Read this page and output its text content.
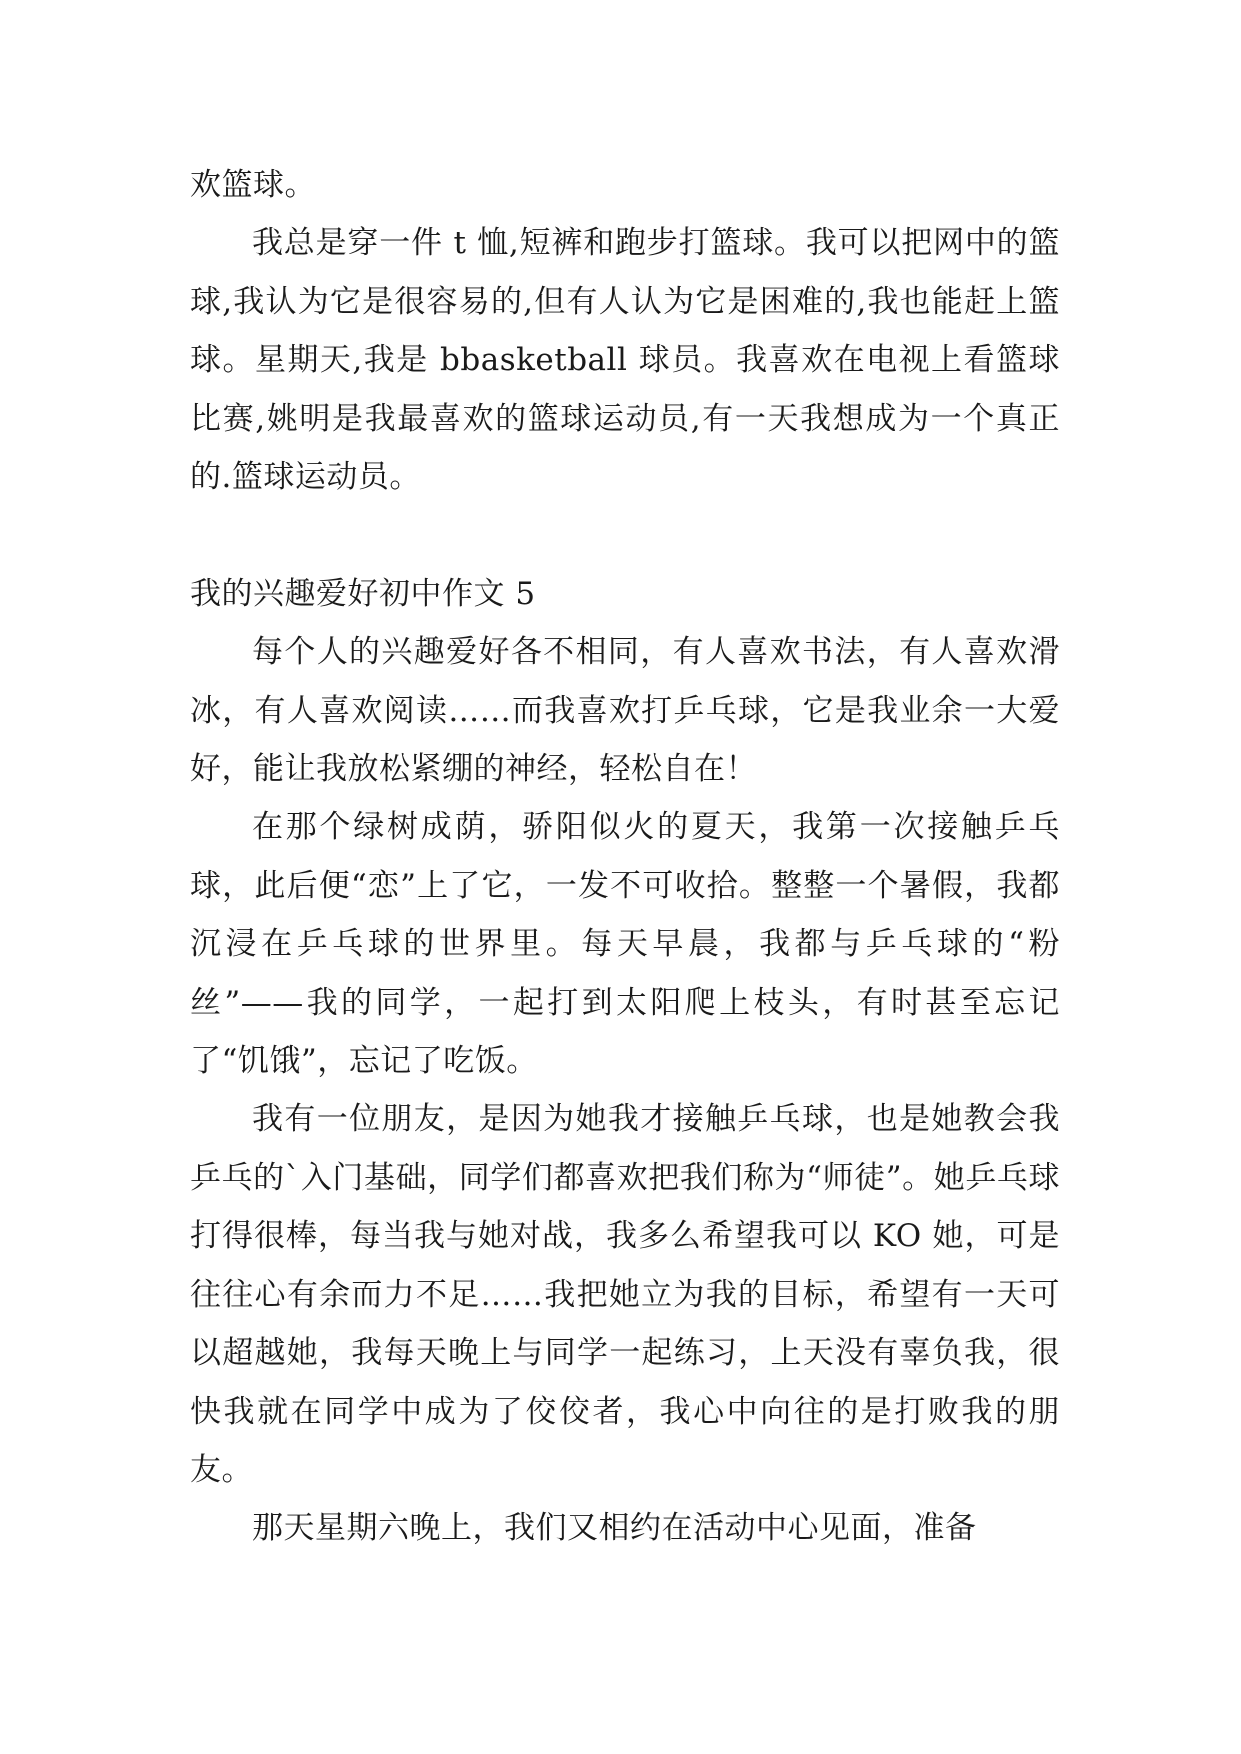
欢篮球。

我总是穿一件 t 恤,短裤和跑步打篮球。我可以把网中的篮球,我认为它是很容易的,但有人认为它是困难的,我也能赶上篮球。星期天,我是 bbasketball 球员。我喜欢在电视上看篮球比赛,姚明是我最喜欢的篮球运动员,有一天我想成为一个真正的.篮球运动员。

我的兴趣爱好初中作文 5

每个人的兴趣爱好各不相同，有人喜欢书法，有人喜欢滑冰，有人喜欢阅读……而我喜欢打乒乓球，它是我业余一大爱好，能让我放松紧绷的神经，轻松自在！

在那个绿树成荫，骄阳似火的夏天，我第一次接触乒乓球，此后便“恋”上了它，一发不可收拾。整整一个暑假，我都沉浸在乒乓球的世界里。每天早晨，我都与乒乓球的“粉丝”——我的同学，一起打到太阳爬上枝头，有时甚至忘记了“饥饿”，忘记了吃饭。

我有一位朋友，是因为她我才接触乒乓球，也是她教会我乒乓的`入门基础，同学们都喜欢把我们称为“师徒”。她乒乓球打得很棒，每当我与她对战，我多么希望我可以 KO 她，可是往往心有余而力不足……我把她立为我的目标，希望有一天可以超越她，我每天晚上与同学一起练习，上天没有辜负我，很快我就在同学中成为了佼佼者，我心中向往的是打败我的朋友。

那天星期六晚上，我们又相约在活动中心见面，准备
